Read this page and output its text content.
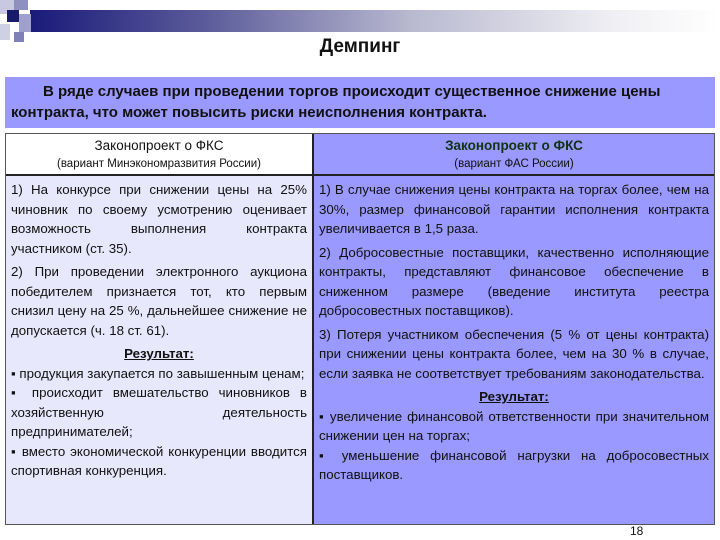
Демпинг
В ряде случаев при проведении торгов происходит существенное снижение цены контракта, что может повысить риски неисполнения контракта.
Законопроект о ФКС
(вариант Минэкономразвития России)
Законопроект о ФКС
(вариант ФАС России)

1) На конкурсе при снижении цены на 25% чиновник по своему усмотрению оценивает возможность выполнения контракта участником (ст. 35).

2) При проведении электронного аукциона победителем признается тот, кто первым снизил цену на 25 %, дальнейшее снижение не допускается (ч. 18 ст. 61).

Результат:

▪ продукция закупается по завышенным ценам;

▪ происходит вмешательство чиновников в хозяйственную деятельность предпринимателей;

▪ вместо экономической конкуренции вводится спортивная конкуренция.

1) В случае снижения цены контракта на торгах более, чем на 30%, размер финансовой гарантии исполнения контракта увеличивается в 1,5 раза.

2) Добросовестные поставщики, качественно исполняющие контракты, представляют финансовое обеспечение в сниженном размере (введение института реестра добросовестных поставщиков).

3) Потеря участником обеспечения (5 % от цены контракта) при снижении цены контракта более, чем на 30 % в случае, если заявка не соответствует требованиям законодательства.

Результат:

▪ увеличение финансовой ответственности при значительном снижении цен на торгах;

▪ уменьшение финансовой нагрузки на добросовестных поставщиков.

18
